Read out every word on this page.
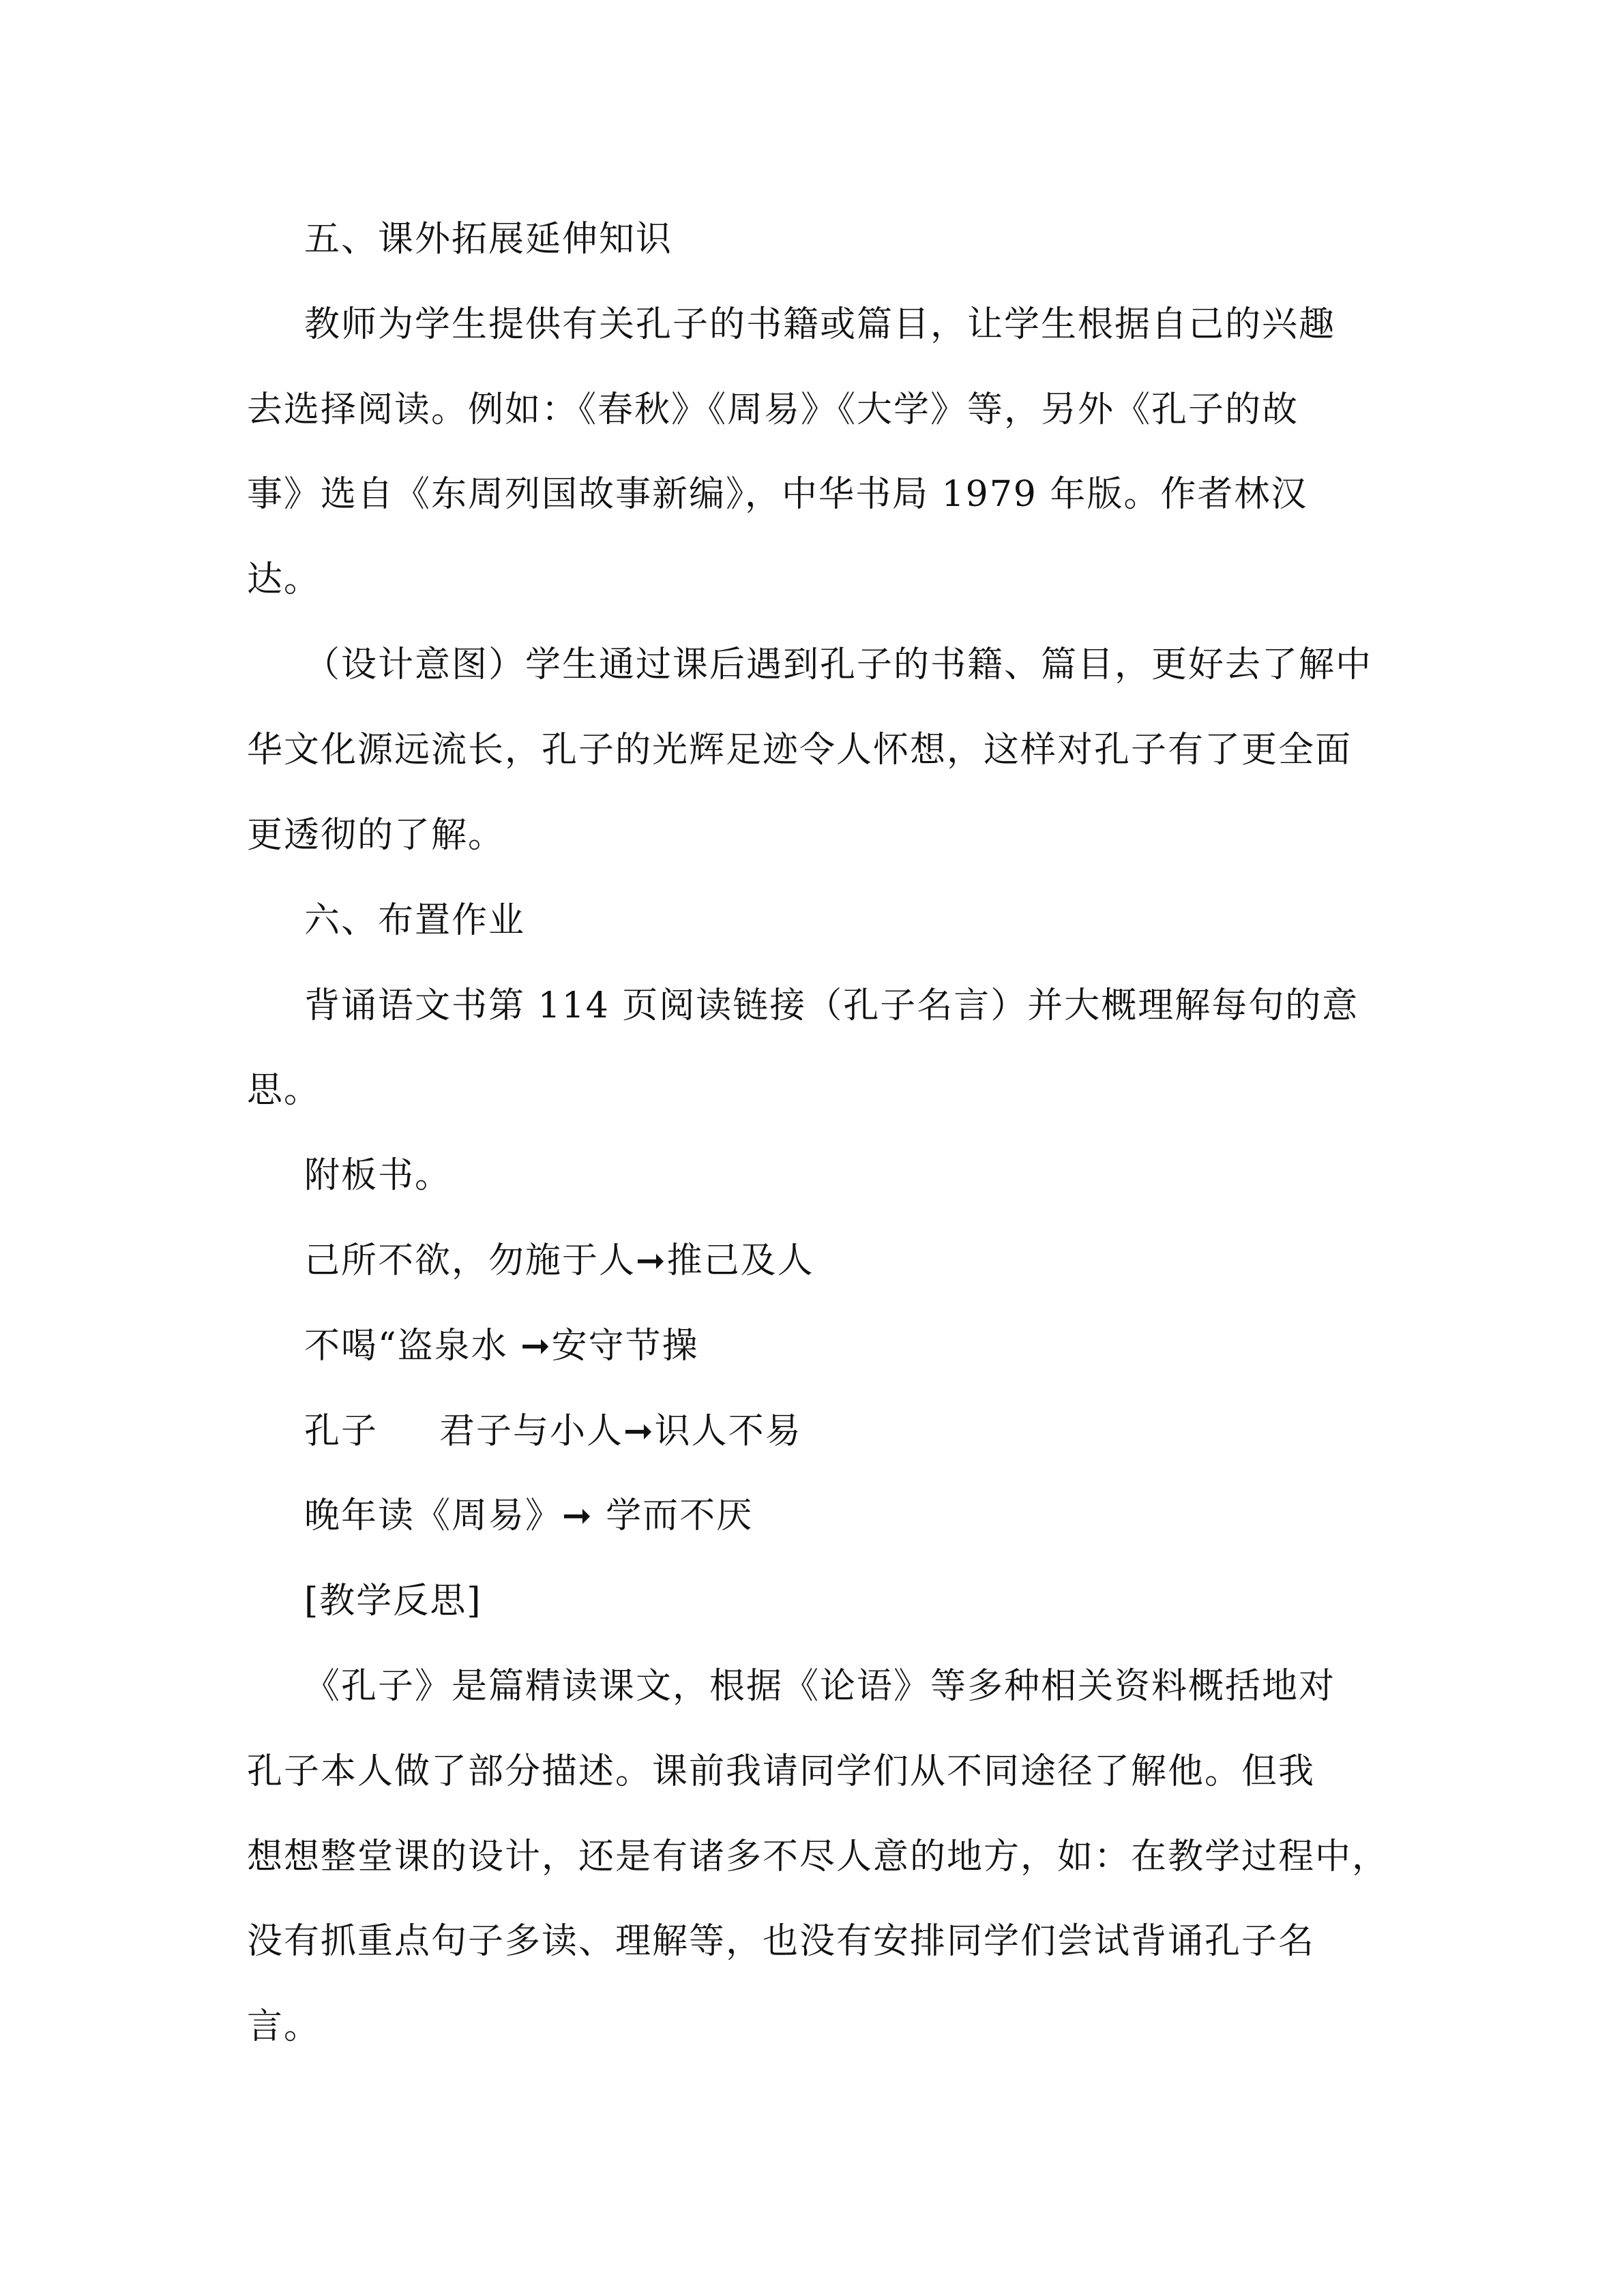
五、课外拓展延伸知识
教师为学生提供有关孔子的书籍或篇目，让学生根据自己的兴趣
去选择阅读。例如：《春秋》《周易》《大学》等，另外《孔子的故
事》选自《东周列国故事新编》，中华书局 1979 年版。作者林汉
达。
（设计意图）学生通过课后遇到孔子的书籍、篇目，更好去了解中
华文化源远流长，孔子的光辉足迹令人怀想，这样对孔子有了更全面
更透彻的了解。
六、布置作业
背诵语文书第 114 页阅读链接（孔子名言）并大概理解每句的意
思。
附板书。
己所不欲，勿施于人➞推己及人
不喝“盗泉水 ➞安守节操
孔子 君子与小人➞识人不易
晚年读《周易》➞ 学而不厌
[教学反思]
《孔子》是篇精读课文，根据《论语》等多种相关资料概括地对
孔子本人做了部分描述。课前我请同学们从不同途径了解他。但我
想想整堂课的设计，还是有诸多不尽人意的地方，如：在教学过程中，
没有抓重点句子多读、理解等，也没有安排同学们尝试背诵孔子名
言。
